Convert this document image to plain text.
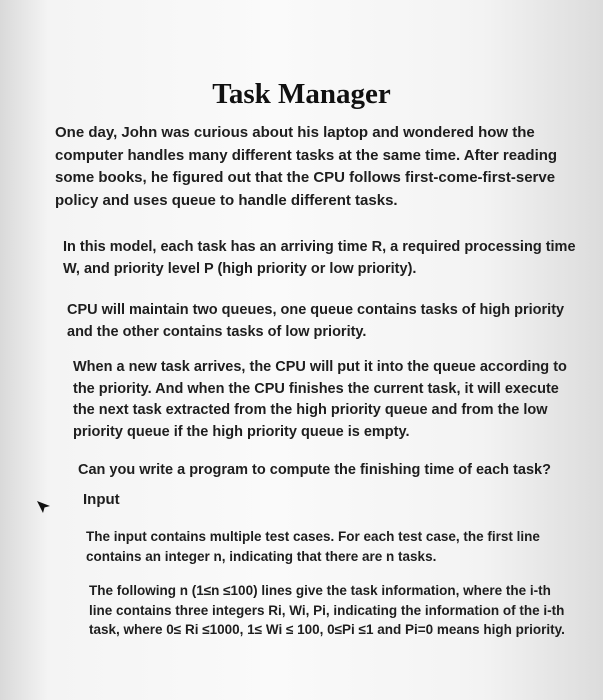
Task Manager

One day, John was curious about his laptop and wondered how the computer handles many different tasks at the same time. After reading some books, he figured out that the CPU follows first-come-first-serve policy and uses queue to handle different tasks.

In this model, each task has an arriving time R, a required processing time W, and priority level P (high priority or low priority).

CPU will maintain two queues, one queue contains tasks of high priority and the other contains tasks of low priority.

When a new task arrives, the CPU will put it into the queue according to the priority. And when the CPU finishes the current task, it will execute the next task extracted from the high priority queue and from the low priority queue if the high priority queue is empty.

Can you write a program to compute the finishing time of each task?

Input

The input contains multiple test cases. For each test case, the first line contains an integer n, indicating that there are n tasks.

The following n (1≤n ≤100) lines give the task information, where the i-th line contains three integers Ri, Wi, Pi, indicating the information of the i-th task, where 0≤ Ri ≤1000, 1≤ Wi ≤ 100, 0≤Pi ≤1 and Pi=0 means high priority.
